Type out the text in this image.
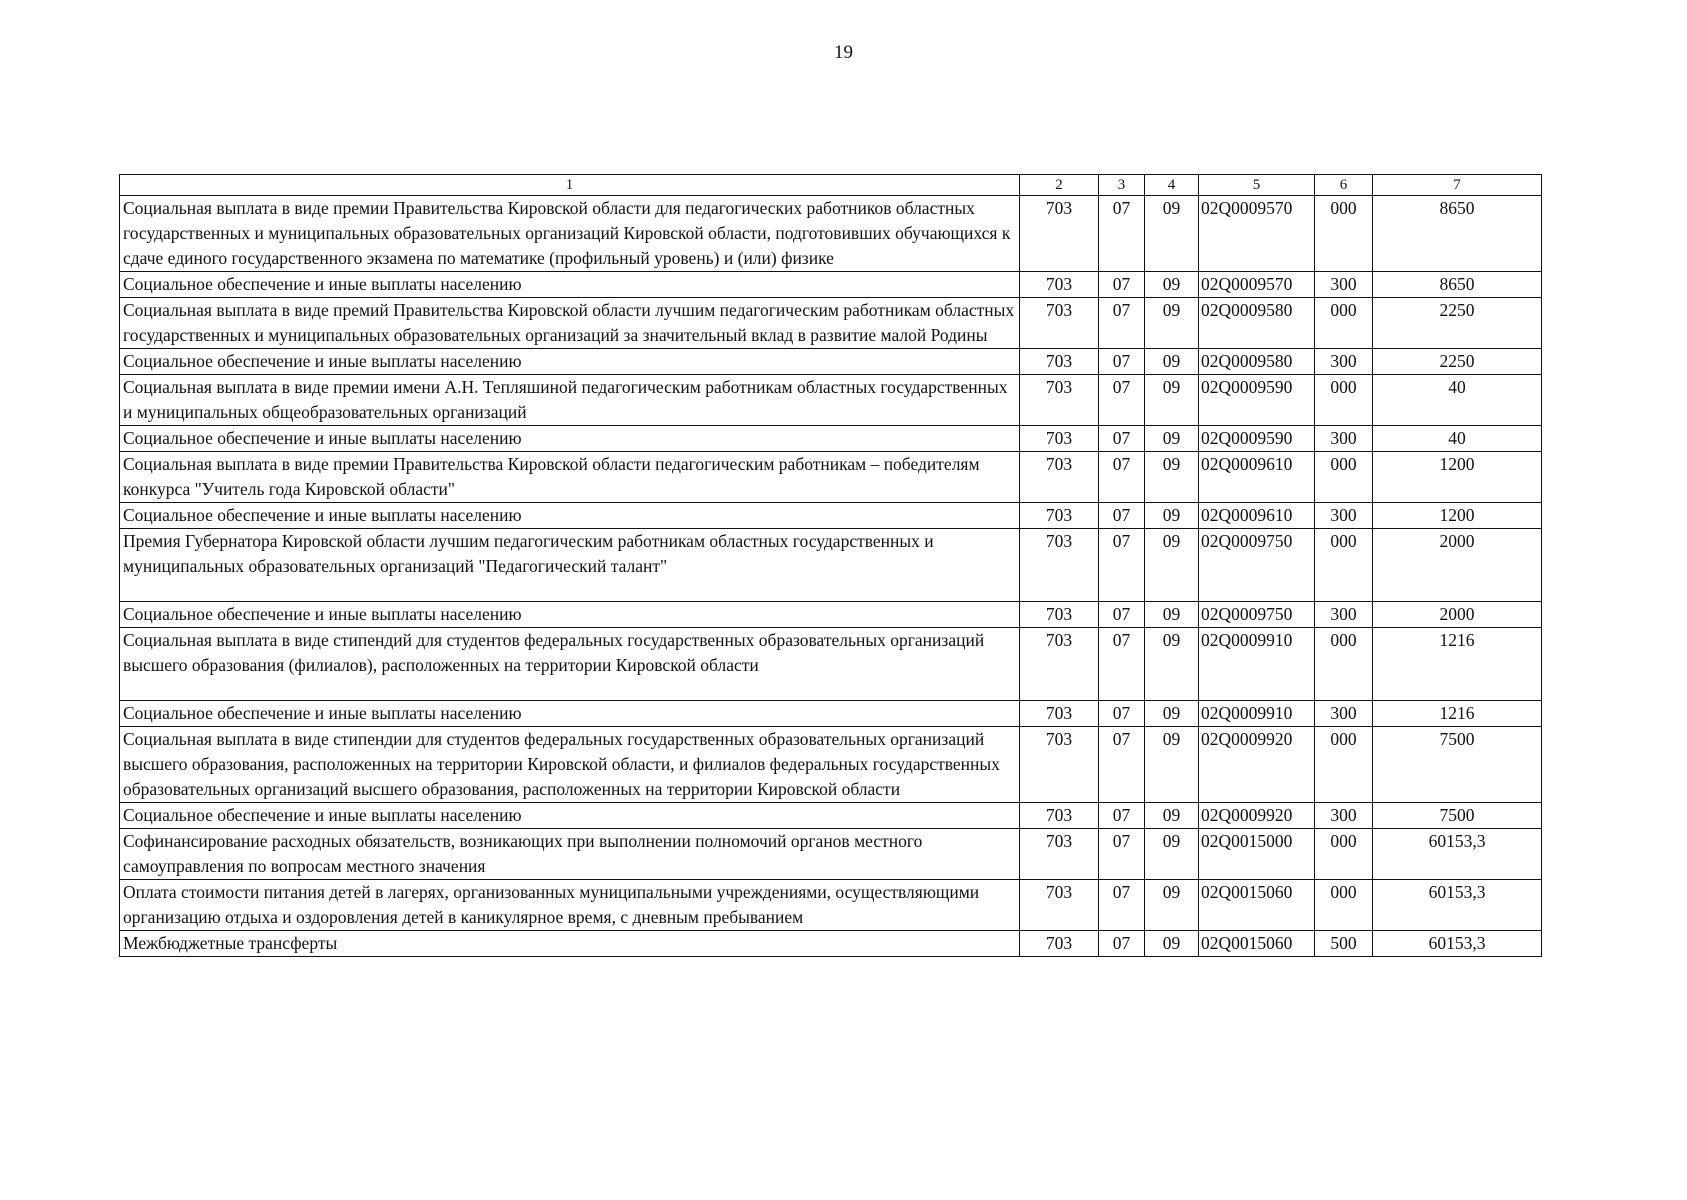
19
1	2	3	4	5	6	7
Социальная выплата в виде премии Правительства Кировской области для педагогических работников областных государственных и муниципальных образовательных организаций Кировской области, подготовивших обучающихся к сдаче единого государственного экзамена по математике (профильный уровень) и (или) физике	703	07	09	02Q0009570	000	8650
Социальное обеспечение и иные выплаты населению	703	07	09	02Q0009570	300	8650
Социальная выплата в виде премий Правительства Кировской области лучшим педагогическим работникам областных государственных и муниципальных образовательных организаций за значительный вклад в развитие малой Родины	703	07	09	02Q0009580	000	2250
Социальное обеспечение и иные выплаты населению	703	07	09	02Q0009580	300	2250
Социальная выплата в виде премии имени А.Н. Тепляшиной педагогическим работникам областных государственных и муниципальных общеобразовательных организаций	703	07	09	02Q0009590	000	40
Социальное обеспечение и иные выплаты населению	703	07	09	02Q0009590	300	40
Социальная выплата в виде премии Правительства Кировской области педагогическим работникам – победителям конкурса "Учитель года Кировской области"	703	07	09	02Q0009610	000	1200
Социальное обеспечение и иные выплаты населению	703	07	09	02Q0009610	300	1200
Премия Губернатора Кировской области лучшим педагогическим работникам областных государственных и муниципальных образовательных организаций "Педагогический талант"	703	07	09	02Q0009750	000	2000
Социальное обеспечение и иные выплаты населению	703	07	09	02Q0009750	300	2000
Социальная выплата в виде стипендий для студентов федеральных государственных образовательных организаций высшего образования (филиалов), расположенных на территории Кировской области	703	07	09	02Q0009910	000	1216
Социальное обеспечение и иные выплаты населению	703	07	09	02Q0009910	300	1216
Социальная выплата в виде стипендии для студентов федеральных государственных образовательных организаций высшего образования, расположенных на территории Кировской области, и филиалов федеральных государственных образовательных организаций высшего образования, расположенных на территории Кировской области	703	07	09	02Q0009920	000	7500
Социальное обеспечение и иные выплаты населению	703	07	09	02Q0009920	300	7500
Софинансирование расходных обязательств, возникающих при выполнении полномочий органов местного самоуправления по вопросам местного значения	703	07	09	02Q0015000	000	60153,3
Оплата стоимости питания детей в лагерях, организованных муниципальными учреждениями, осуществляющими организацию отдыха и оздоровления детей в каникулярное время, с дневным пребыванием	703	07	09	02Q0015060	000	60153,3
Межбюджетные трансферты	703	07	09	02Q0015060	500	60153,3
